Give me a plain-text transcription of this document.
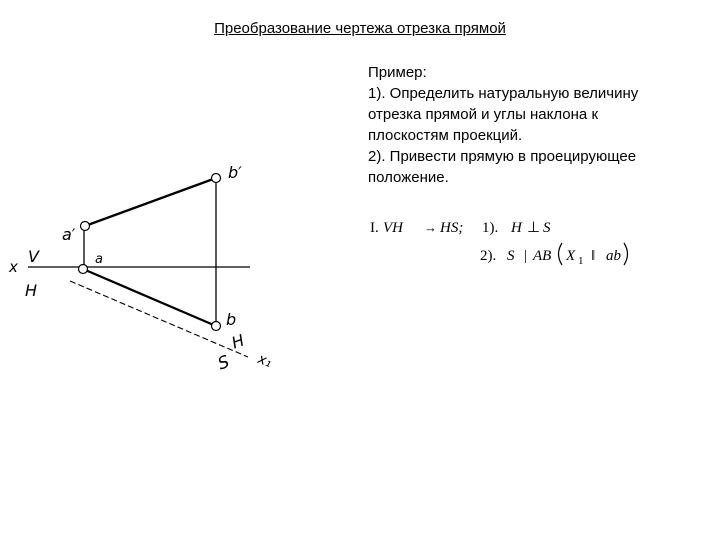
Преобразование чертежа отрезка прямой
Пример:
1). Определить натуральную величину
отрезка прямой и углы наклона к
плоскостям проекций.
2). Привести прямую в проецирующее
положение.
b′
a′
x
V	a
H
b
H
S x₁
I. VH → HS; 1). H ⊥ S
2). S | AB X 1 ‖ ab
